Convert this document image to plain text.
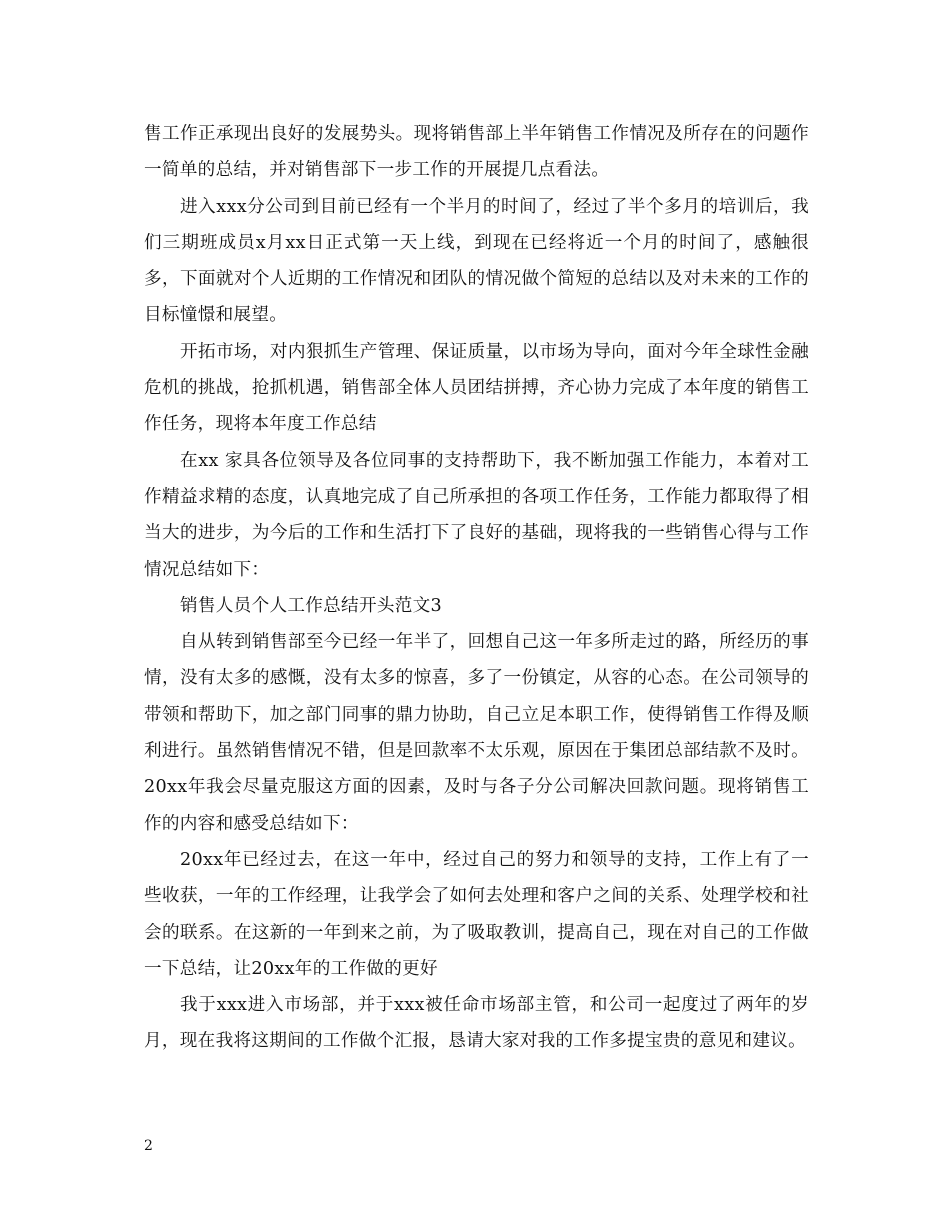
售工作正承现出良好的发展势头。现将销售部上半年销售工作情况及所存在的问题作一简单的总结，并对销售部下一步工作的开展提几点看法。

进入xxx分公司到目前已经有一个半月的时间了，经过了半个多月的培训后，我们三期班成员x月xx日正式第一天上线，到现在已经将近一个月的时间了，感触很多，下面就对个人近期的工作情况和团队的情况做个简短的总结以及对未来的工作的目标憧憬和展望。

开拓市场，对内狠抓生产管理、保证质量，以市场为导向，面对今年全球性金融危机的挑战，抢抓机遇，销售部全体人员团结拼搏，齐心协力完成了本年度的销售工作任务，现将本年度工作总结

在xx 家具各位领导及各位同事的支持帮助下，我不断加强工作能力，本着对工作精益求精的态度，认真地完成了自己所承担的各项工作任务，工作能力都取得了相当大的进步，为今后的工作和生活打下了良好的基础，现将我的一些销售心得与工作情况总结如下：

销售人员个人工作总结开头范文3

自从转到销售部至今已经一年半了，回想自己这一年多所走过的路，所经历的事情，没有太多的感慨，没有太多的惊喜，多了一份镇定，从容的心态。在公司领导的带领和帮助下，加之部门同事的鼎力协助，自己立足本职工作，使得销售工作得及顺利进行。虽然销售情况不错，但是回款率不太乐观，原因在于集团总部结款不及时。20xx年我会尽量克服这方面的因素，及时与各子分公司解决回款问题。现将销售工作的内容和感受总结如下：

20xx年已经过去，在这一年中，经过自己的努力和领导的支持，工作上有了一些收获，一年的工作经理，让我学会了如何去处理和客户之间的关系、处理学校和社会的联系。在这新的一年到来之前，为了吸取教训，提高自己，现在对自己的工作做一下总结，让20xx年的工作做的更好

我于xxx进入市场部，并于xxx被任命市场部主管，和公司一起度过了两年的岁月，现在我将这期间的工作做个汇报，恳请大家对我的工作多提宝贵的意见和建议。

2
